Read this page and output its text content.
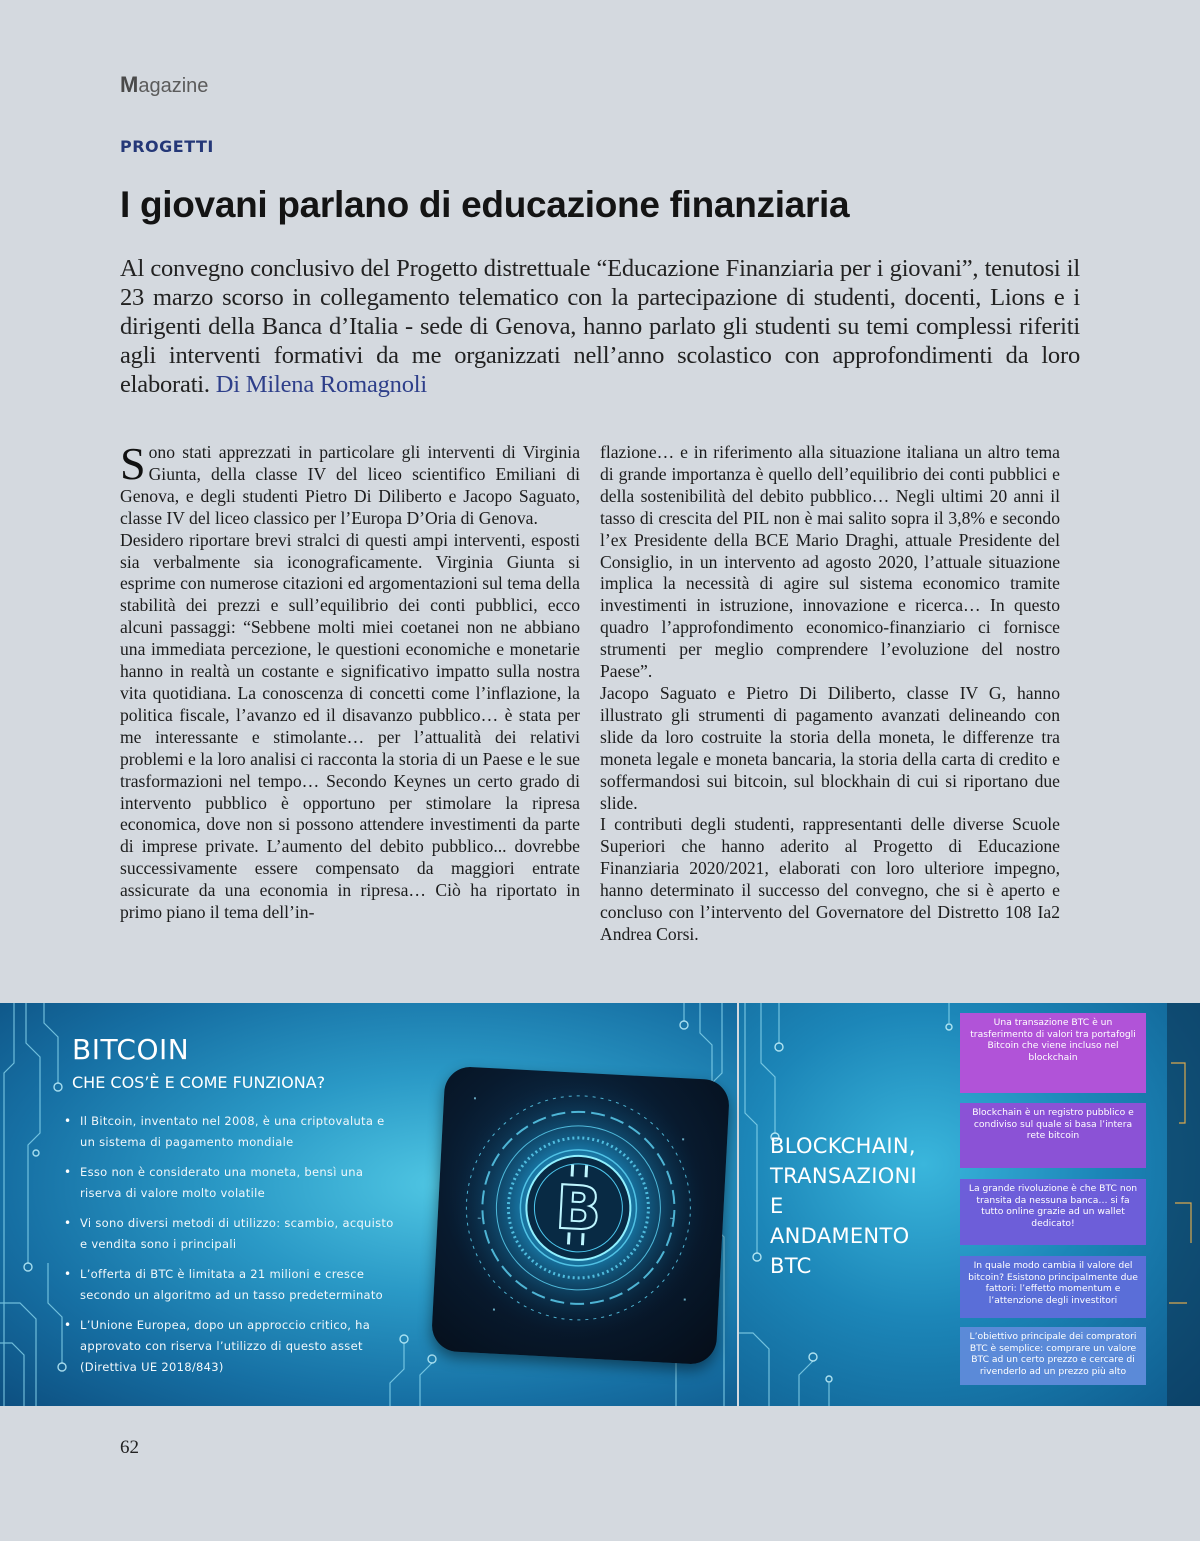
Magazine
PROGETTI
I giovani parlano di educazione finanziaria

Al convegno conclusivo del Progetto distrettuale “Educazione Finanziaria per i giovani”, tenutosi il 23 marzo scorso in collegamento telematico con la partecipazione di studenti, docenti, Lions e i dirigenti della Banca d’Italia - sede di Genova, hanno parlato gli studenti su temi complessi riferiti agli interventi formativi da me organizzati nell’anno scolastico con approfondimenti da loro elaborati. Di Milena Romagnoli

Sono stati apprezzati in particolare gli interventi di Virginia Giunta, della classe IV del liceo scientifico Emiliani di Genova, e degli studenti Pietro Di Diliberto e Jacopo Saguato, classe IV del liceo classico per l’Europa D’Oria di Genova.

Desidero riportare brevi stralci di questi ampi interventi, esposti sia verbalmente sia iconograficamente. Virginia Giunta si esprime con numerose citazioni ed argomentazioni sul tema della stabilità dei prezzi e sull’equilibrio dei conti pubblici, ecco alcuni passaggi: “Sebbene molti miei coetanei non ne abbiano una immediata percezione, le questioni economiche e monetarie hanno in realtà un costante e significativo impatto sulla nostra vita quotidiana. La conoscenza di concetti come l’inflazione, la politica fiscale, l’avanzo ed il disavanzo pubblico… è stata per me interessante e stimolante… per l’attualità dei relativi problemi e la loro analisi ci racconta la storia di un Paese e le sue trasformazioni nel tempo… Secondo Keynes un certo grado di intervento pubblico è opportuno per stimolare la ripresa economica, dove non si possono attendere investimenti da parte di imprese private. L’aumento del debito pubblico... dovrebbe successivamente essere compensato da maggiori entrate assicurate da una economia in ripresa… Ciò ha riportato in primo piano il tema dell’in-

flazione… e in riferimento alla situazione italiana un altro tema di grande importanza è quello dell’equilibrio dei conti pubblici e della sostenibilità del debito pubblico… Negli ultimi 20 anni il tasso di crescita del PIL non è mai salito sopra il 3,8% e secondo l’ex Presidente della BCE Mario Draghi, attuale Presidente del Consiglio, in un intervento ad agosto 2020, l’attuale situazione implica la necessità di agire sul sistema economico tramite investimenti in istruzione, innovazione e ricerca… In questo quadro l’approfondimento economico-finanziario ci fornisce strumenti per meglio comprendere l’evoluzione del nostro Paese”.

Jacopo Saguato e Pietro Di Diliberto, classe IV G, hanno illustrato gli strumenti di pagamento avanzati delineando con slide da loro costruite la storia della moneta, le differenze tra moneta legale e moneta bancaria, la storia della carta di credito e soffermandosi sui bitcoin, sul blockhain di cui si riportano due slide.

I contributi degli studenti, rappresentanti delle diverse Scuole Superiori che hanno aderito al Progetto di Educazione Finanziaria 2020/2021, elaborati con loro ulteriore impegno, hanno determinato il successo del convegno, che si è aperto e concluso con l’intervento del Governatore del Distretto 108 Ia2 Andrea Corsi.

BITCOIN

CHE COS’È E COME FUNZIONA?

• Il Bitcoin, inventato nel 2008, è una criptovaluta e un sistema di pagamento mondiale
• Esso non è considerato una moneta, bensì una riserva di valore molto volatile
• Vi sono diversi metodi di utilizzo: scambio, acquisto e vendita sono i principali
• L’offerta di BTC è limitata a 21 milioni e cresce secondo un algoritmo ad un tasso predeterminato
• L’Unione Europea, dopo un approccio critico, ha approvato con riserva l’utilizzo di questo asset (Direttiva UE 2018/843)
B
BLOCKCHAIN,
TRANSAZIONI
E
ANDAMENTO
BTC
Una transazione BTC è un trasferimento di valori tra portafogli Bitcoin che viene incluso nel blockchain
Blockchain è un registro pubblico e condiviso sul quale si basa l’intera rete bitcoin
La grande rivoluzione è che BTC non transita da nessuna banca… si fa tutto online grazie ad un wallet dedicato!
In quale modo cambia il valore del bitcoin? Esistono principalmente due fattori: l’effetto momentum e l’attenzione degli investitori
L’obiettivo principale dei compratori BTC è semplice: comprare un valore BTC ad un certo prezzo e cercare di rivenderlo ad un prezzo più alto
62
